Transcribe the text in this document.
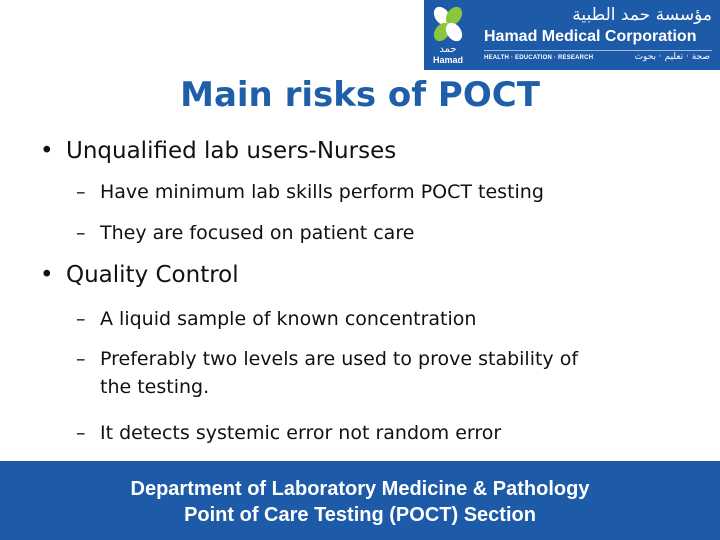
حمد
Hamad
مؤسسة حمد الطبية
Hamad Medical Corporation
HEALTH · EDUCATION · RESEARCH	صحة · تعليم · بحوث
Main risks of POCT
• Unqualified lab users-Nurses
– Have minimum lab skills perform POCT testing
– They are focused on patient care
• Quality Control
– A liquid sample of known concentration
– Preferably two levels are used to prove stability of
the testing.
– It detects systemic error not random error
Department of Laboratory Medicine & Pathology
Point of Care Testing (POCT) Section
